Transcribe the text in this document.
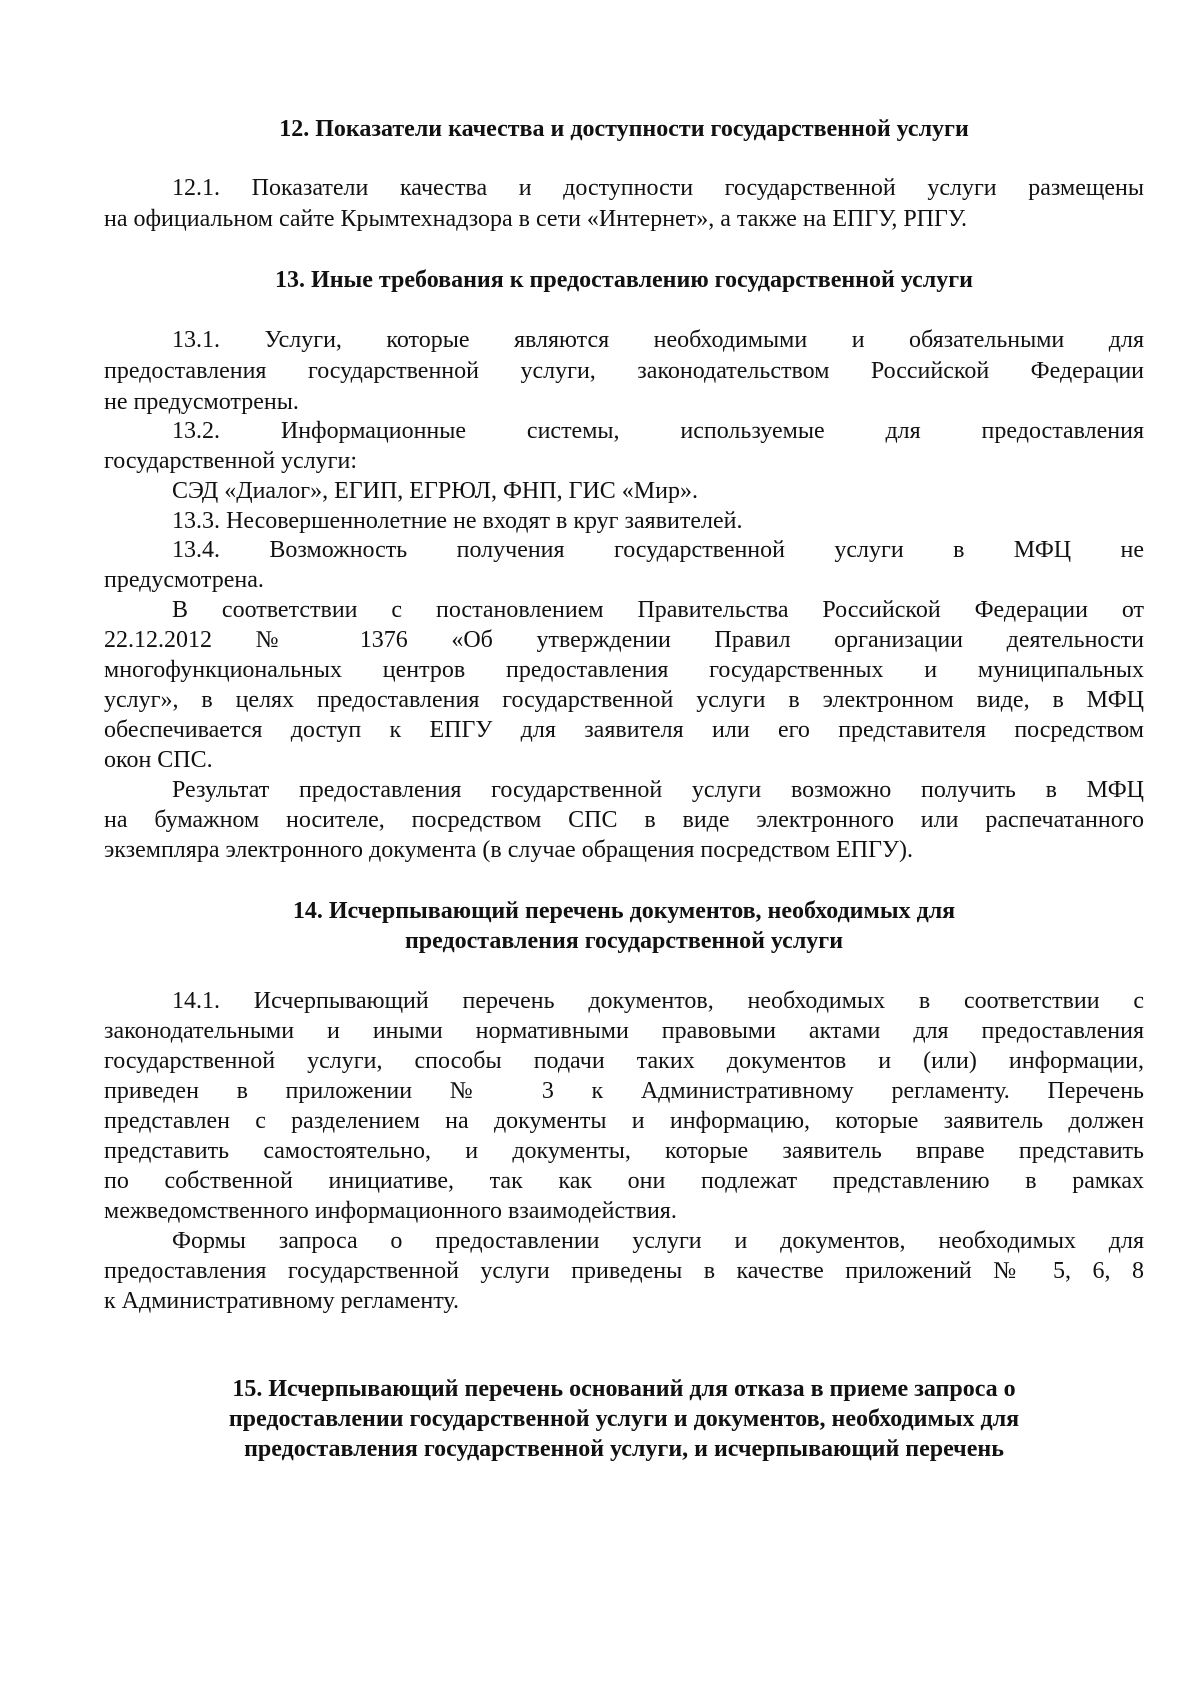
12. Показатели качества и доступности государственной услуги
12.1. Показатели качества и доступности государственной услуги размещены
на официальном сайте Крымтехнадзора в сети «Интернет», а также на ЕПГУ, РПГУ.
13. Иные требования к предоставлению государственной услуги
13.1. Услуги, которые являются необходимыми и обязательными для
предоставления государственной услуги, законодательством Российской Федерации
не предусмотрены.
13.2. Информационные системы, используемые для предоставления
государственной услуги:
СЭД «Диалог», ЕГИП, ЕГРЮЛ, ФНП, ГИС «Мир».
13.3. Несовершеннолетние не входят в круг заявителей.
13.4. Возможность получения государственной услуги в МФЦ не
предусмотрена.
В соответствии с постановлением Правительства Российской Федерации от
22.12.2012 № 1376 «Об утверждении Правил организации деятельности
многофункциональных центров предоставления государственных и муниципальных
услуг», в целях предоставления государственной услуги в электронном виде, в МФЦ
обеспечивается доступ к ЕПГУ для заявителя или его представителя посредством
окон СПС.
Результат предоставления государственной услуги возможно получить в МФЦ
на бумажном носителе, посредством СПС в виде электронного или распечатанного
экземпляра электронного документа (в случае обращения посредством ЕПГУ).
14. Исчерпывающий перечень документов, необходимых для
предоставления государственной услуги
14.1. Исчерпывающий перечень документов, необходимых в соответствии с
законодательными и иными нормативными правовыми актами для предоставления
государственной услуги, способы подачи таких документов и (или) информации,
приведен в приложении № 3 к Административному регламенту. Перечень
представлен с разделением на документы и информацию, которые заявитель должен
представить самостоятельно, и документы, которые заявитель вправе представить
по собственной инициативе, так как они подлежат представлению в рамках
межведомственного информационного взаимодействия.
Формы запроса о предоставлении услуги и документов, необходимых для
предоставления государственной услуги приведены в качестве приложений № 5, 6, 8
к Административному регламенту.
15. Исчерпывающий перечень оснований для отказа в приеме запроса о
предоставлении государственной услуги и документов, необходимых для
предоставления государственной услуги, и исчерпывающий перечень
